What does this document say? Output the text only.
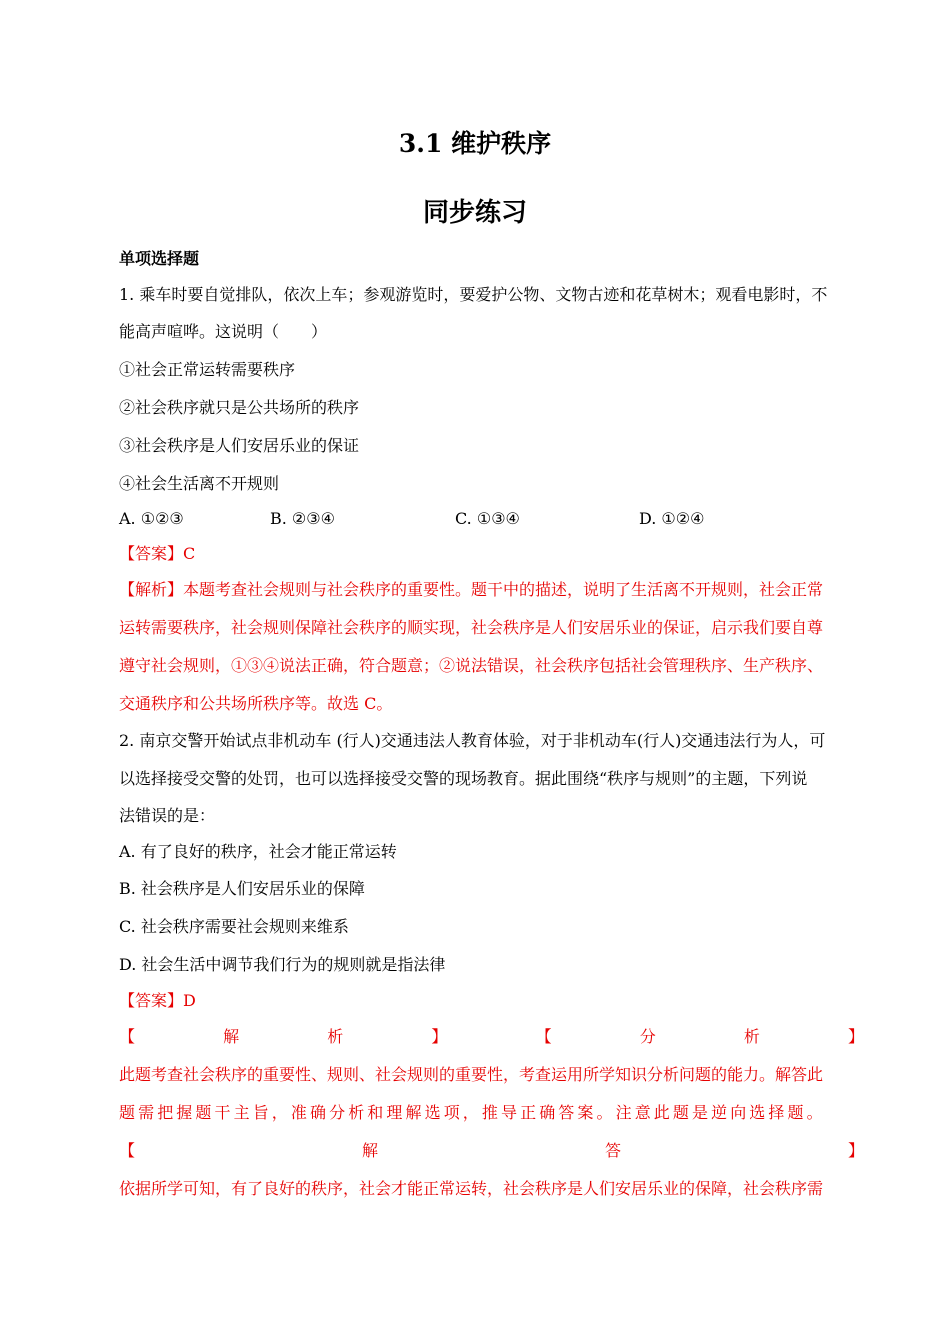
3.1 维护秩序
同步练习
单项选择题
1. 乘车时要自觉排队，依次上车；参观游览时，要爱护公物、文物古迹和花草树木；观看电影时，不
能高声喧哗。这说明（　　）
①社会正常运转需要秩序
②社会秩序就只是公共场所的秩序
③社会秩序是人们安居乐业的保证
④社会生活离不开规则
A. ①②③	B. ②③④	C. ①③④	D. ①②④
【答案】C
【解析】本题考查社会规则与社会秩序的重要性。题干中的描述，说明了生活离不开规则，社会正常
运转需要秩序，社会规则保障社会秩序的顺实现，社会秩序是人们安居乐业的保证，启示我们要自尊
遵守社会规则，①③④说法正确，符合题意；②说法错误，社会秩序包括社会管理秩序、生产秩序、
交通秩序和公共场所秩序等。故选 C。
2. 南京交警开始试点非机动车 (行人)交通违法人教育体验，对于非机动车(行人)交通违法行为人，可
以选择接受交警的处罚，也可以选择接受交警的现场教育。据此围绕“秩序与规则”的主题，下列说
法错误的是：
A. 有了良好的秩序，社会才能正常运转
B. 社会秩序是人们安居乐业的保障
C. 社会秩序需要社会规则来维系
D. 社会生活中调节我们行为的规则就是指法律
【答案】D
【	解	析	】	【	分	析	】
此题考查社会秩序的重要性、规则、社会规则的重要性，考查运用所学知识分析问题的能力。解答此
题需把握题干主旨，准确分析和理解选项，推导正确答案。注意此题是逆向选择题。
【	解	答	】
依据所学可知，有了良好的秩序，社会才能正常运转，社会秩序是人们安居乐业的保障，社会秩序需
